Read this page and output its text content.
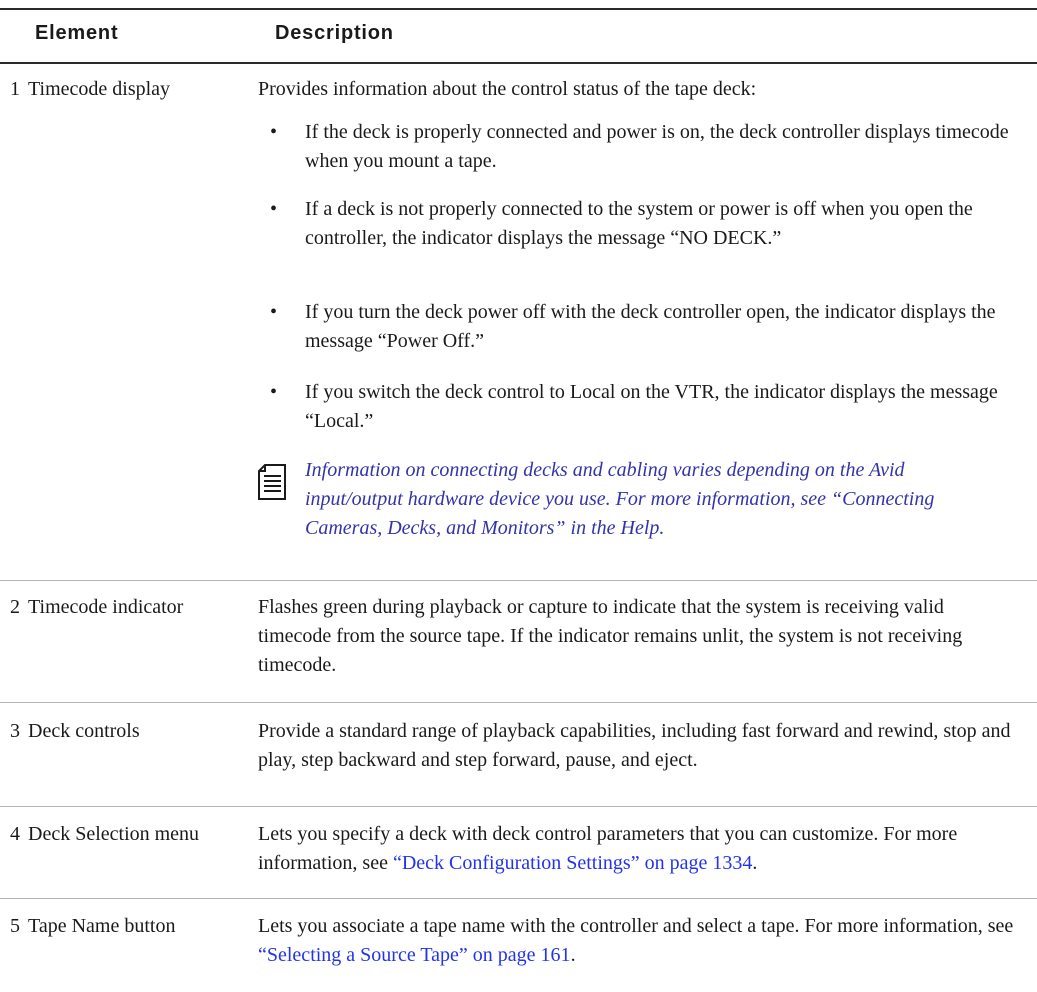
Element	Description
1 Timecode display	Provides information about the control status of the tape deck:
• If the deck is properly connected and power is on, the deck controller displays timecode when you mount a tape.
• If a deck is not properly connected to the system or power is off when you open the controller, the indicator displays the message “NO DECK.”
• If you turn the deck power off with the deck controller open, the indicator displays the message “Power Off.”
• If you switch the deck control to Local on the VTR, the indicator displays the message “Local.”
Information on connecting decks and cabling varies depending on the Avid input/output hardware device you use. For more information, see “Connecting Cameras, Decks, and Monitors” in the Help.
2 Timecode indicator	Flashes green during playback or capture to indicate that the system is receiving valid timecode from the source tape. If the indicator remains unlit, the system is not receiving timecode.
3 Deck controls	Provide a standard range of playback capabilities, including fast forward and rewind, stop and play, step backward and step forward, pause, and eject.
4 Deck Selection menu	Lets you specify a deck with deck control parameters that you can customize. For more information, see “Deck Configuration Settings” on page 1334.
5 Tape Name button	Lets you associate a tape name with the controller and select a tape. For more information, see “Selecting a Source Tape” on page 161.
